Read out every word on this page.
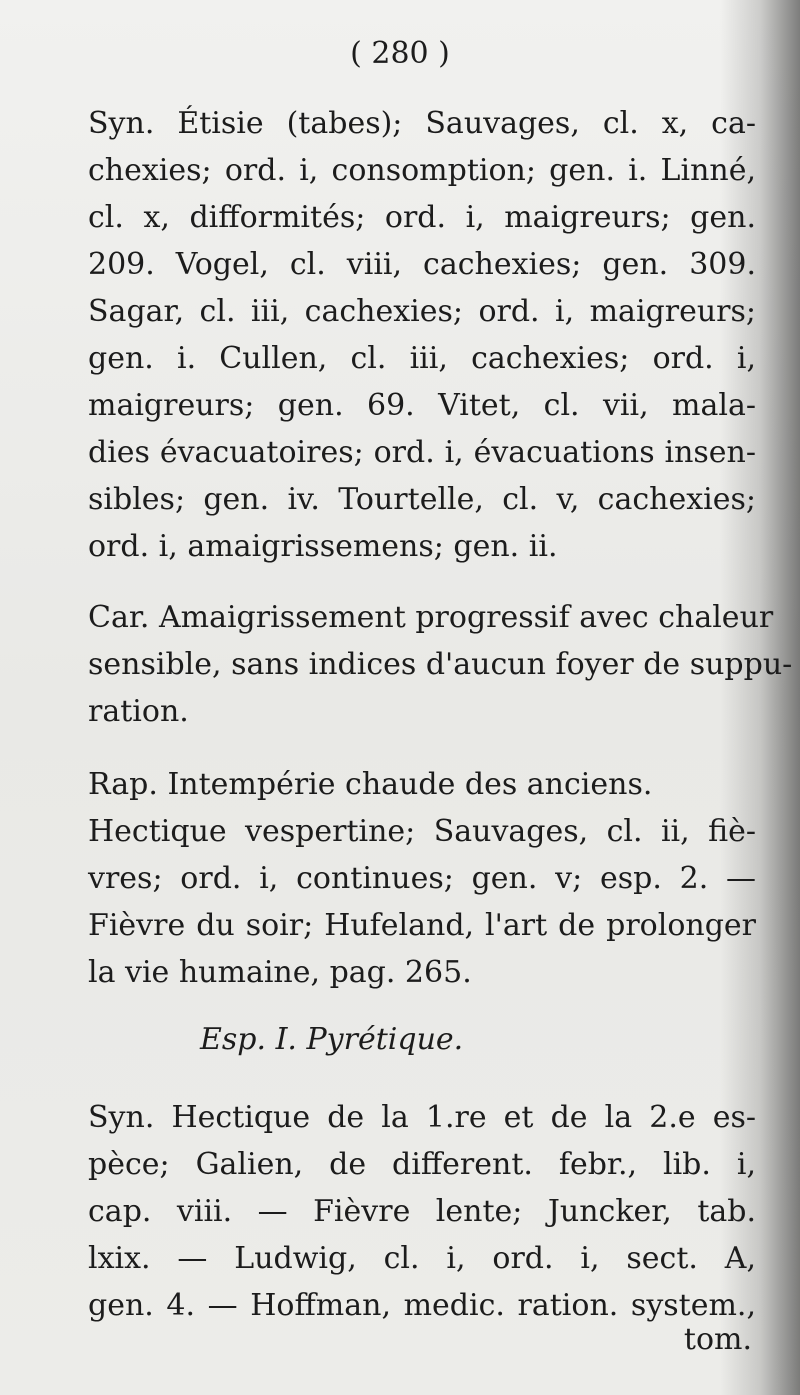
( 280 )
Syn. Étisie (tabes); Sauvages, cl. x, ca-
chexies; ord. i, consomption; gen. i. Linné,
cl. x, difformités; ord. i, maigreurs; gen.
209. Vogel, cl. viii, cachexies; gen. 309.
Sagar, cl. iii, cachexies; ord. i, maigreurs;
gen. i. Cullen, cl. iii, cachexies; ord. i,
maigreurs; gen. 69. Vitet, cl. vii, mala-
dies évacuatoires; ord. i, évacuations insen-
sibles; gen. iv. Tourtelle, cl. v, cachexies;
ord. i, amaigrissemens; gen. ii.
Car. Amaigrissement progressif avec chaleur
sensible, sans indices d'aucun foyer de suppu-
ration.
Rap. Intempérie chaude des anciens.
Hectique vespertine; Sauvages, cl. ii, fiè-
vres; ord. i, continues; gen. v; esp. 2. —
Fièvre du soir; Hufeland, l'art de prolonger
la vie humaine, pag. 265.
Esp. I. Pyrétique.
Syn. Hectique de la 1.re et de la 2.e es-
pèce; Galien, de different. febr., lib. i,
cap. viii. — Fièvre lente; Juncker, tab.
lxix. — Ludwig, cl. i, ord. i, sect. A,
gen. 4. — Hoffman, medic. ration. system.,
tom.
